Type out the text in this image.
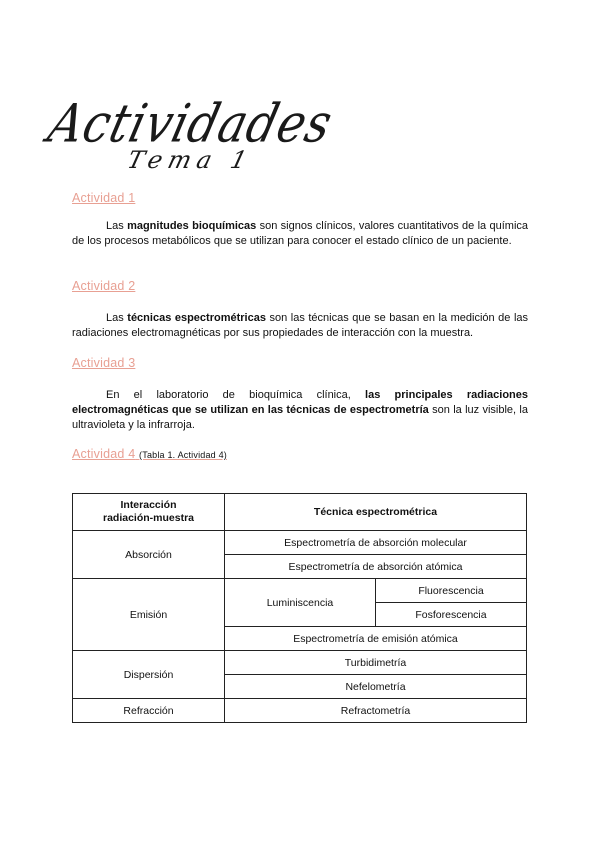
Actividades
Tema 1
Actividad 1
Las magnitudes bioquímicas son signos clínicos, valores cuantitativos de la química de los procesos metabólicos que se utilizan para conocer el estado clínico de un paciente.
Actividad 2
Las técnicas espectrométricas son las técnicas que se basan en la medición de las radiaciones electromagnéticas por sus propiedades de interacción con la muestra.
Actividad 3
En el laboratorio de bioquímica clínica, las principales radiaciones electromagnéticas que se utilizan en las técnicas de espectrometría son la luz visible, la ultravioleta y la infrarroja.
Actividad 4 (Tabla 1. Actividad 4)
Interacción radiación-muestra	Técnica espectrométrica	
Absorción	Espectrometría de absorción molecular	
	Espectrometría de absorción atómica	
Emisión	Luminiscencia	Fluorescencia
		Fosforescencia
	Espectrometría de emisión atómica	
Dispersión	Turbidimetría	
	Nefelometría	
Refracción	Refractometría	
